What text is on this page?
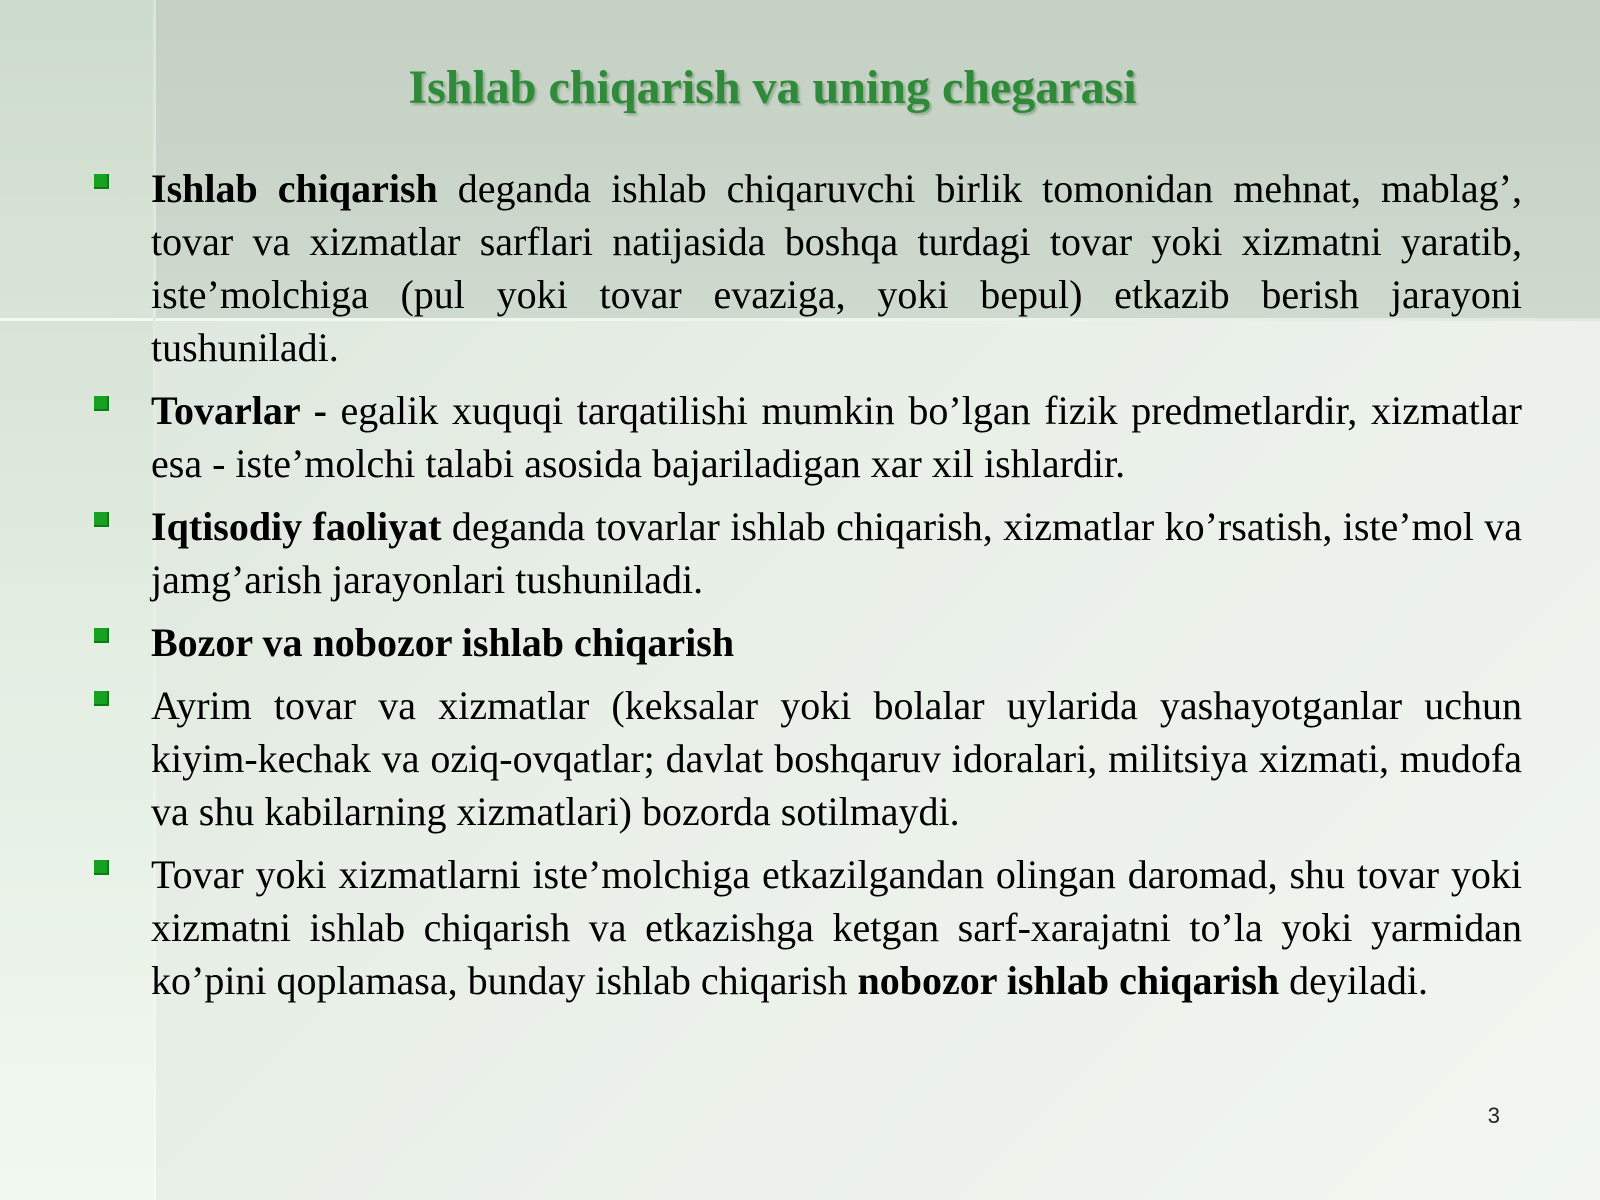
Ishlab chiqarish va uning chegarasi
Ishlab chiqarish deganda ishlab chiqaruvchi birlik tomonidan mehnat, mablag’, tovar va xizmatlar sarflari natijasida boshqa turdagi tovar yoki xizmatni yaratib, iste’molchiga (pul yoki tovar evaziga, yoki bepul) etkazib berish jarayoni tushuniladi.
Tovarlar - egalik xuquqi tarqatilishi mumkin bo’lgan fizik predmetlardir, xizmatlar esa - iste’molchi talabi asosida bajariladigan xar xil ishlardir.
Iqtisodiy faoliyat deganda tovarlar ishlab chiqarish, xizmatlar ko’rsatish, iste’mol va jamg’arish jarayonlari tushuniladi.
Bozor va nobozor ishlab chiqarish
Ayrim tovar va xizmatlar (keksalar yoki bolalar uylarida yashayotganlar uchun kiyim-kechak va oziq-ovqatlar; davlat boshqaruv idoralari, militsiya xizmati, mudofa va shu kabilarning xizmatlari) bozorda sotilmaydi.
Tovar yoki xizmatlarni iste’molchiga etkazilgandan olingan daromad, shu tovar yoki xizmatni ishlab chiqarish va etkazishga ketgan sarf-xarajatni to’la yoki yarmidan ko’pini qoplamasa, bunday ishlab chiqarish nobozor ishlab chiqarish deyiladi.
3
